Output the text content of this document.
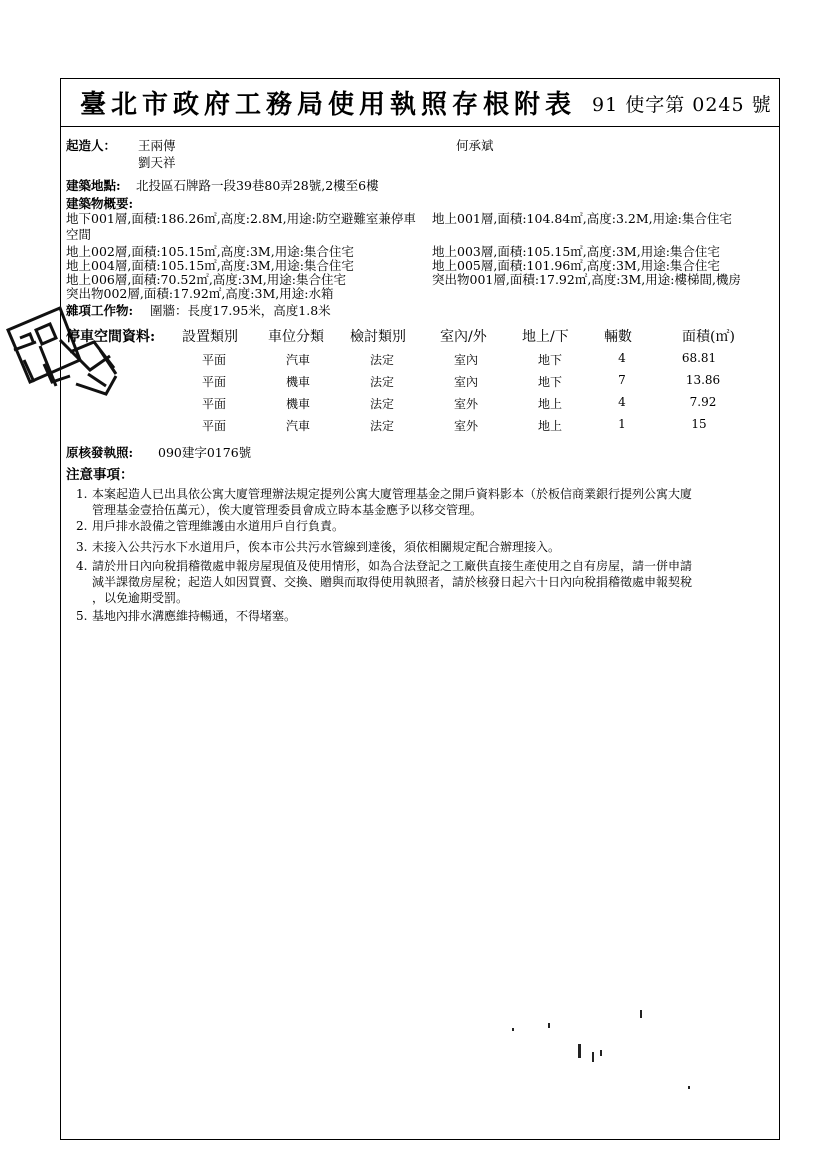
臺北市政府工務局使用執照存根附表 91 使字第 0245 號
起造人： 王兩傳
劉天祥
何承斌
建築地點: 北投區石牌路一段39巷80弄28號,2樓至6樓
建築物概要:
地下001層,面積:186.26㎡,高度:2.8M,用途:防空避難室兼停車
空間
地上002層,面積:105.15㎡,高度:3M,用途:集合住宅
地上004層,面積:105.15㎡,高度:3M,用途:集合住宅
地上006層,面積:70.52㎡,高度:3M,用途:集合住宅
突出物002層,面積:17.92㎡,高度:3M,用途:水箱
地上001層,面積:104.84㎡,高度:3.2M,用途:集合住宅
地上003層,面積:105.15㎡,高度:3M,用途:集合住宅
地上005層,面積:101.96㎡,高度:3M,用途:集合住宅
突出物001層,面積:17.92㎡,高度:3M,用途:樓梯間,機房
雜項工作物: 圍牆：長度17.95米，高度1.8米
停車空間資料: 設置類別 車位分類 檢討類別 室內/外	地上/下	輛數	面積(㎡)
平面	汽車	法定	室內	地下	4	68.81
平面	機車	法定	室內	地下	7	13.86
平面	機車	法定	室外	地上	4	7.92
平面	汽車	法定	室外	地上	1	15
原核發執照: 090建字0176號
注意事項：
1. 本案起造人已出具依公寓大廈管理辦法規定提列公寓大廈管理基金之開戶資料影本（於板信商業銀行提列公寓大廈
管理基金壹拾伍萬元），俟大廈管理委員會成立時本基金應予以移交管理。
2. 用戶排水設備之管理維護由水道用戶自行負責。
3. 未接入公共污水下水道用戶，俟本市公共污水管線到達後，須依相關規定配合辦理接入。
4. 請於卅日內向稅捐稽徵處申報房屋現值及使用情形，如為合法登記之工廠供直接生產使用之自有房屋，請一併申請
減半課徵房屋稅；起造人如因買賣、交換、贈與而取得使用執照者，請於核發日起六十日內向稅捐稽徵處申報契稅
，以免逾期受罰。
5. 基地內排水溝應維持暢通，不得堵塞。
